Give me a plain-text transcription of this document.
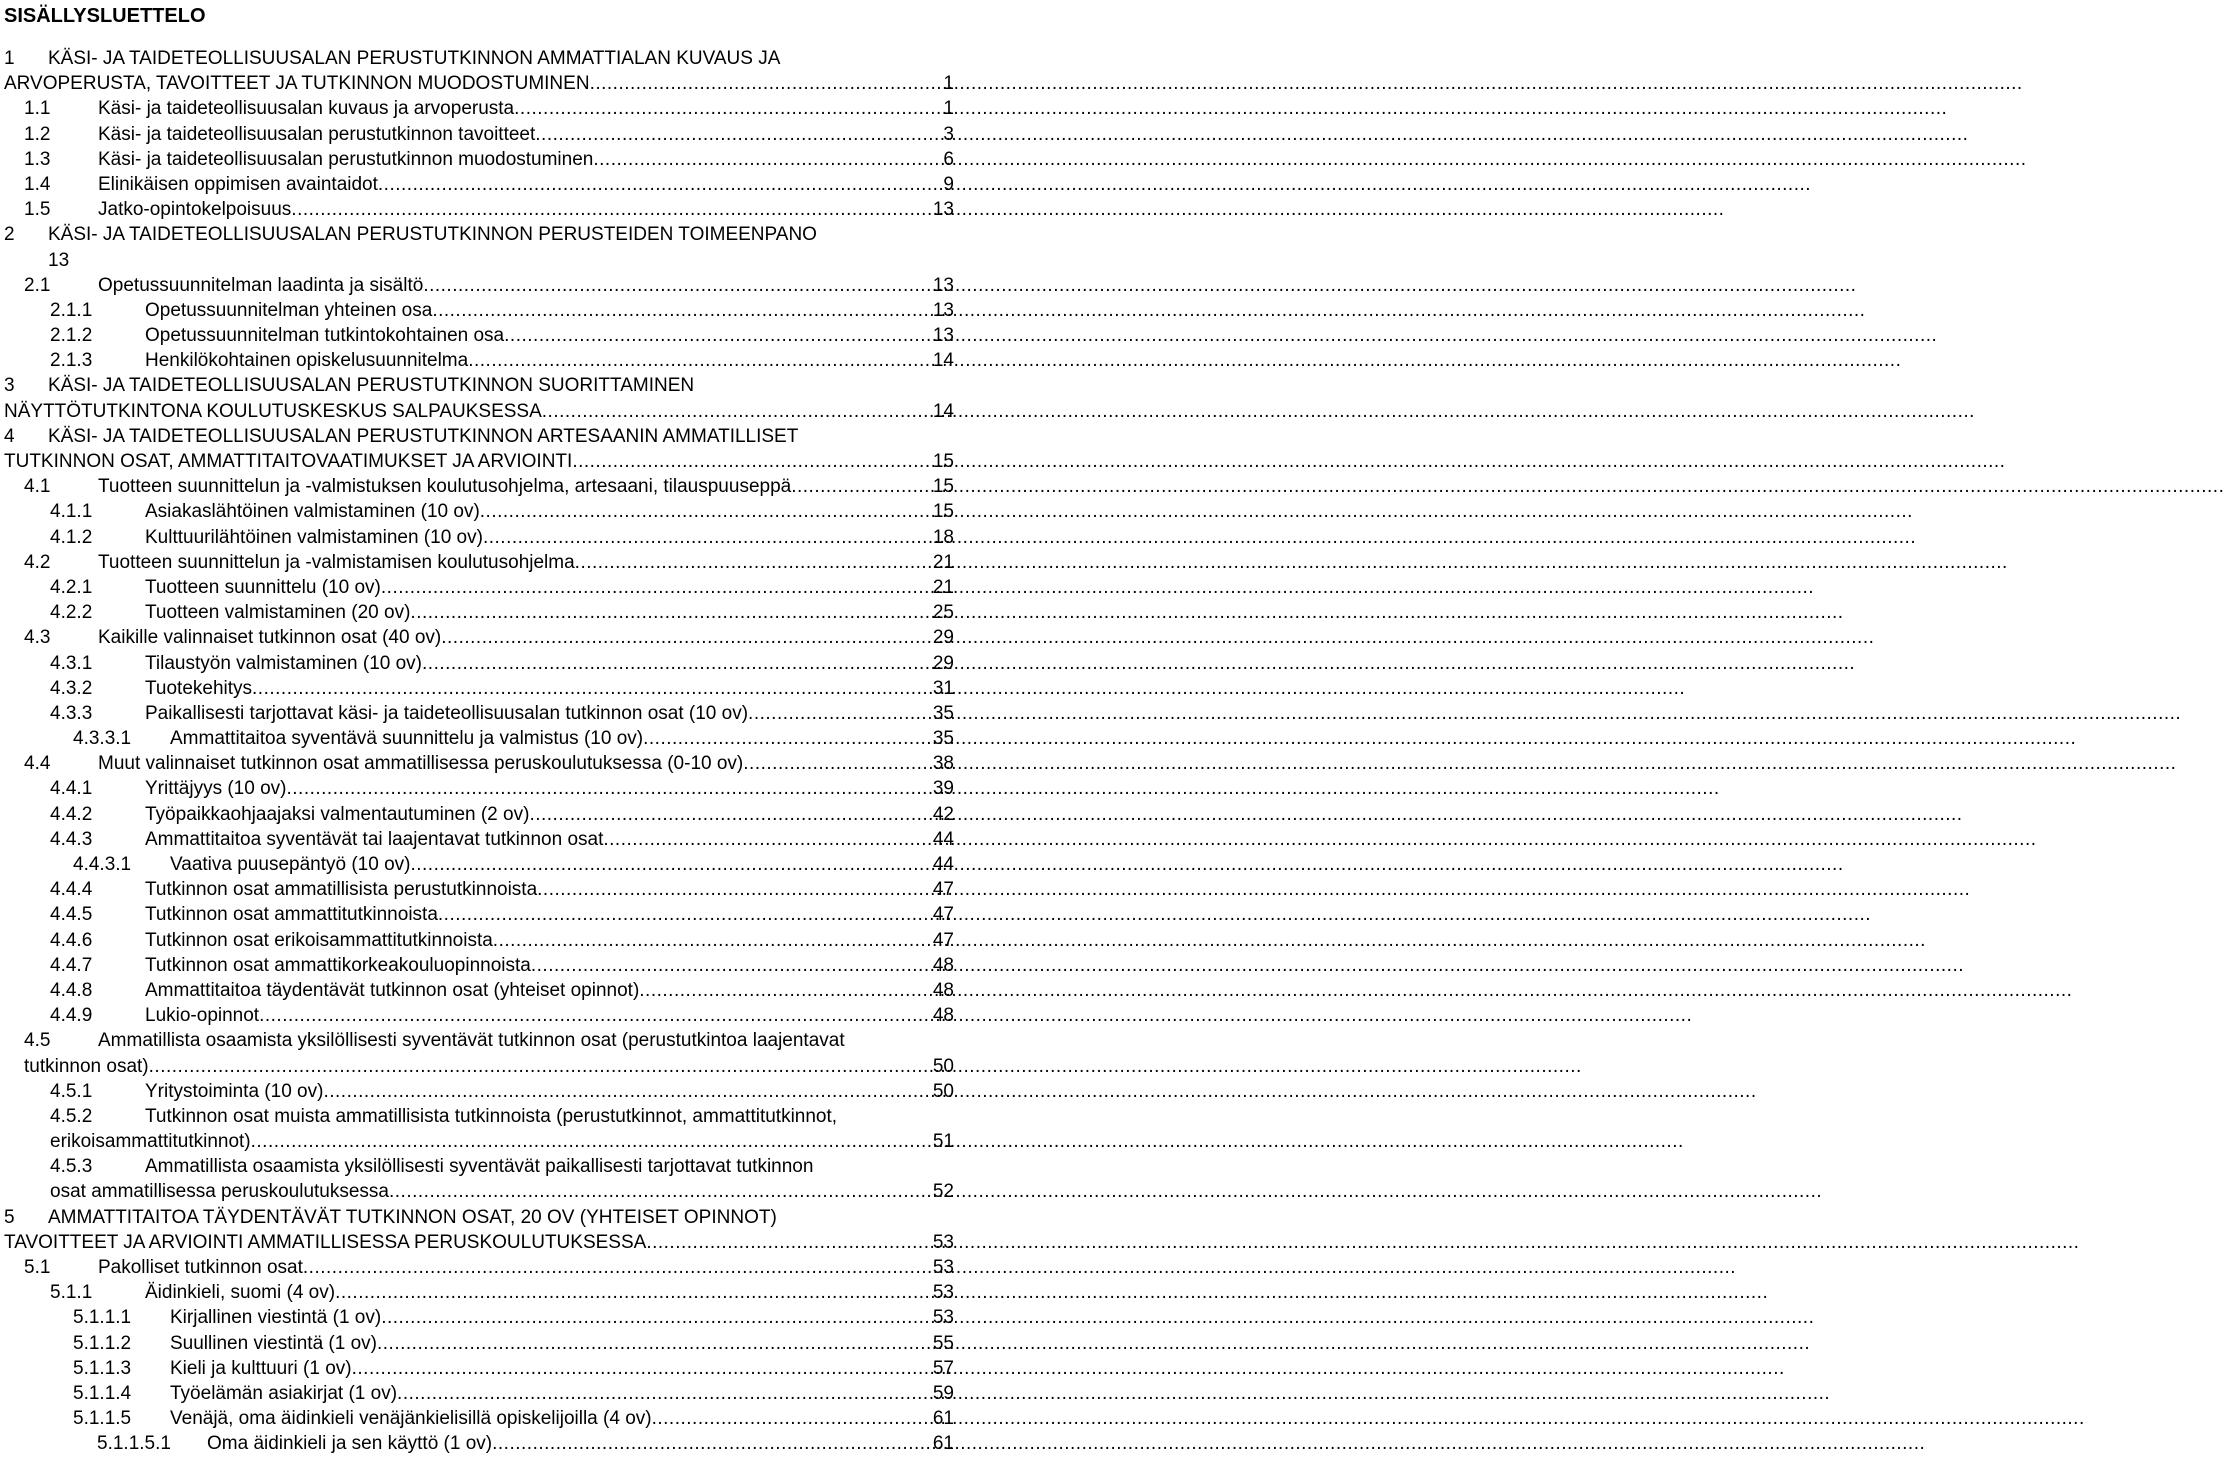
SISÄLLYSLUETTELO
1	KÄSI- JA TAIDETEOLLISUUSALAN PERUSTUTKINNON AMMATTIALAN KUVAUS JA
ARVOPERUSTA, TAVOITTEET JA TUTKINNON MUODOSTUMINEN .....	1
1.1	Käsi- ja taideteollisuusalan kuvaus ja arvoperusta .....	1
1.2	Käsi- ja taideteollisuusalan perustutkinnon tavoitteet .....	3
1.3	Käsi- ja taideteollisuusalan perustutkinnon muodostuminen .....	6
1.4	Elinikäisen oppimisen avaintaidot .....	9
1.5	Jatko-opintokelpoisuus .....	13
2	KÄSI- JA TAIDETEOLLISUUSALAN PERUSTUTKINNON PERUSTEIDEN TOIMEENPANO
13
2.1	Opetussuunnitelman laadinta ja sisältö .....	13
2.1.1	Opetussuunnitelman yhteinen osa .....	13
2.1.2	Opetussuunnitelman tutkintokohtainen osa .....	13
2.1.3	Henkilökohtainen opiskelusuunnitelma .....	14
3	KÄSI- JA TAIDETEOLLISUUSALAN PERUSTUTKINNON SUORITTAMINEN
NÄYTTÖTUTKINTONA KOULUTUSKESKUS SALPAUKSESSA .....	14
4	KÄSI- JA TAIDETEOLLISUUSALAN PERUSTUTKINNON ARTESAANIN AMMATILLISET
TUTKINNON OSAT, AMMATTITAITOVAATIMUKSET JA ARVIOINTI .....	15
4.1	Tuotteen suunnittelun ja -valmistuksen koulutusohjelma, artesaani, tilauspuuseppä .....	15
4.1.1	Asiakaslähtöinen valmistaminen (10 ov) .....	15
4.1.2	Kulttuurilähtöinen valmistaminen (10 ov) .....	18
4.2	Tuotteen suunnittelun ja -valmistamisen koulutusohjelma .....	21
4.2.1	Tuotteen suunnittelu (10 ov) .....	21
4.2.2	Tuotteen valmistaminen (20 ov) .....	25
4.3	Kaikille valinnaiset tutkinnon osat (40 ov) .....	29
4.3.1	Tilaustyön valmistaminen (10 ov) .....	29
4.3.2	Tuotekehitys .....	31
4.3.3	Paikallisesti tarjottavat käsi- ja taideteollisuusalan tutkinnon osat (10 ov) .....	35
4.3.3.1	Ammattitaitoa syventävä suunnittelu ja valmistus (10 ov) .....	35
4.4	Muut valinnaiset tutkinnon osat ammatillisessa peruskoulutuksessa (0-10 ov) .....	38
4.4.1	Yrittäjyys (10 ov) .....	39
4.4.2	Työpaikkaohjaajaksi valmentautuminen (2 ov) .....	42
4.4.3	Ammattitaitoa syventävät tai laajentavat tutkinnon osat .....	44
4.4.3.1	Vaativa puusepäntyö (10 ov) .....	44
4.4.4	Tutkinnon osat ammatillisista perustutkinnoista .....	47
4.4.5	Tutkinnon osat ammattitutkinnoista .....	47
4.4.6	Tutkinnon osat erikoisammattitutkinnoista .....	47
4.4.7	Tutkinnon osat ammattikorkeakouluopinnoista .....	48
4.4.8	Ammattitaitoa täydentävät tutkinnon osat (yhteiset opinnot) .....	48
4.4.9	Lukio-opinnot .....	48
4.5	Ammatillista osaamista yksilöllisesti syventävät tutkinnon osat (perustutkintoa laajentavat
tutkinnon osat) .....	50
4.5.1	Yritystoiminta (10 ov) .....	50
4.5.2	Tutkinnon osat muista ammatillisista tutkinnoista (perustutkinnot, ammattitutkinnot,
erikoisammattitutkinnot) .....	51
4.5.3	Ammatillista osaamista yksilöllisesti syventävät paikallisesti tarjottavat tutkinnon
osat ammatillisessa peruskoulutuksessa .....	52
5	AMMATTITAITOA TÄYDENTÄVÄT TUTKINNON OSAT, 20 OV (YHTEISET OPINNOT)
TAVOITTEET JA ARVIOINTI AMMATILLISESSA PERUSKOULUTUKSESSA .....	53
5.1	Pakolliset tutkinnon osat .....	53
5.1.1	Äidinkieli, suomi (4 ov) .....	53
5.1.1.1	Kirjallinen viestintä (1 ov) .....	53
5.1.1.2	Suullinen viestintä (1 ov) .....	55
5.1.1.3	Kieli ja kulttuuri (1 ov) .....	57
5.1.1.4	Työelämän asiakirjat (1 ov) .....	59
5.1.1.5	Venäjä, oma äidinkieli venäjänkielisillä opiskelijoilla (4 ov) .....	61
5.1.1.5.1	Oma äidinkieli ja sen käyttö (1 ov) .....	61
